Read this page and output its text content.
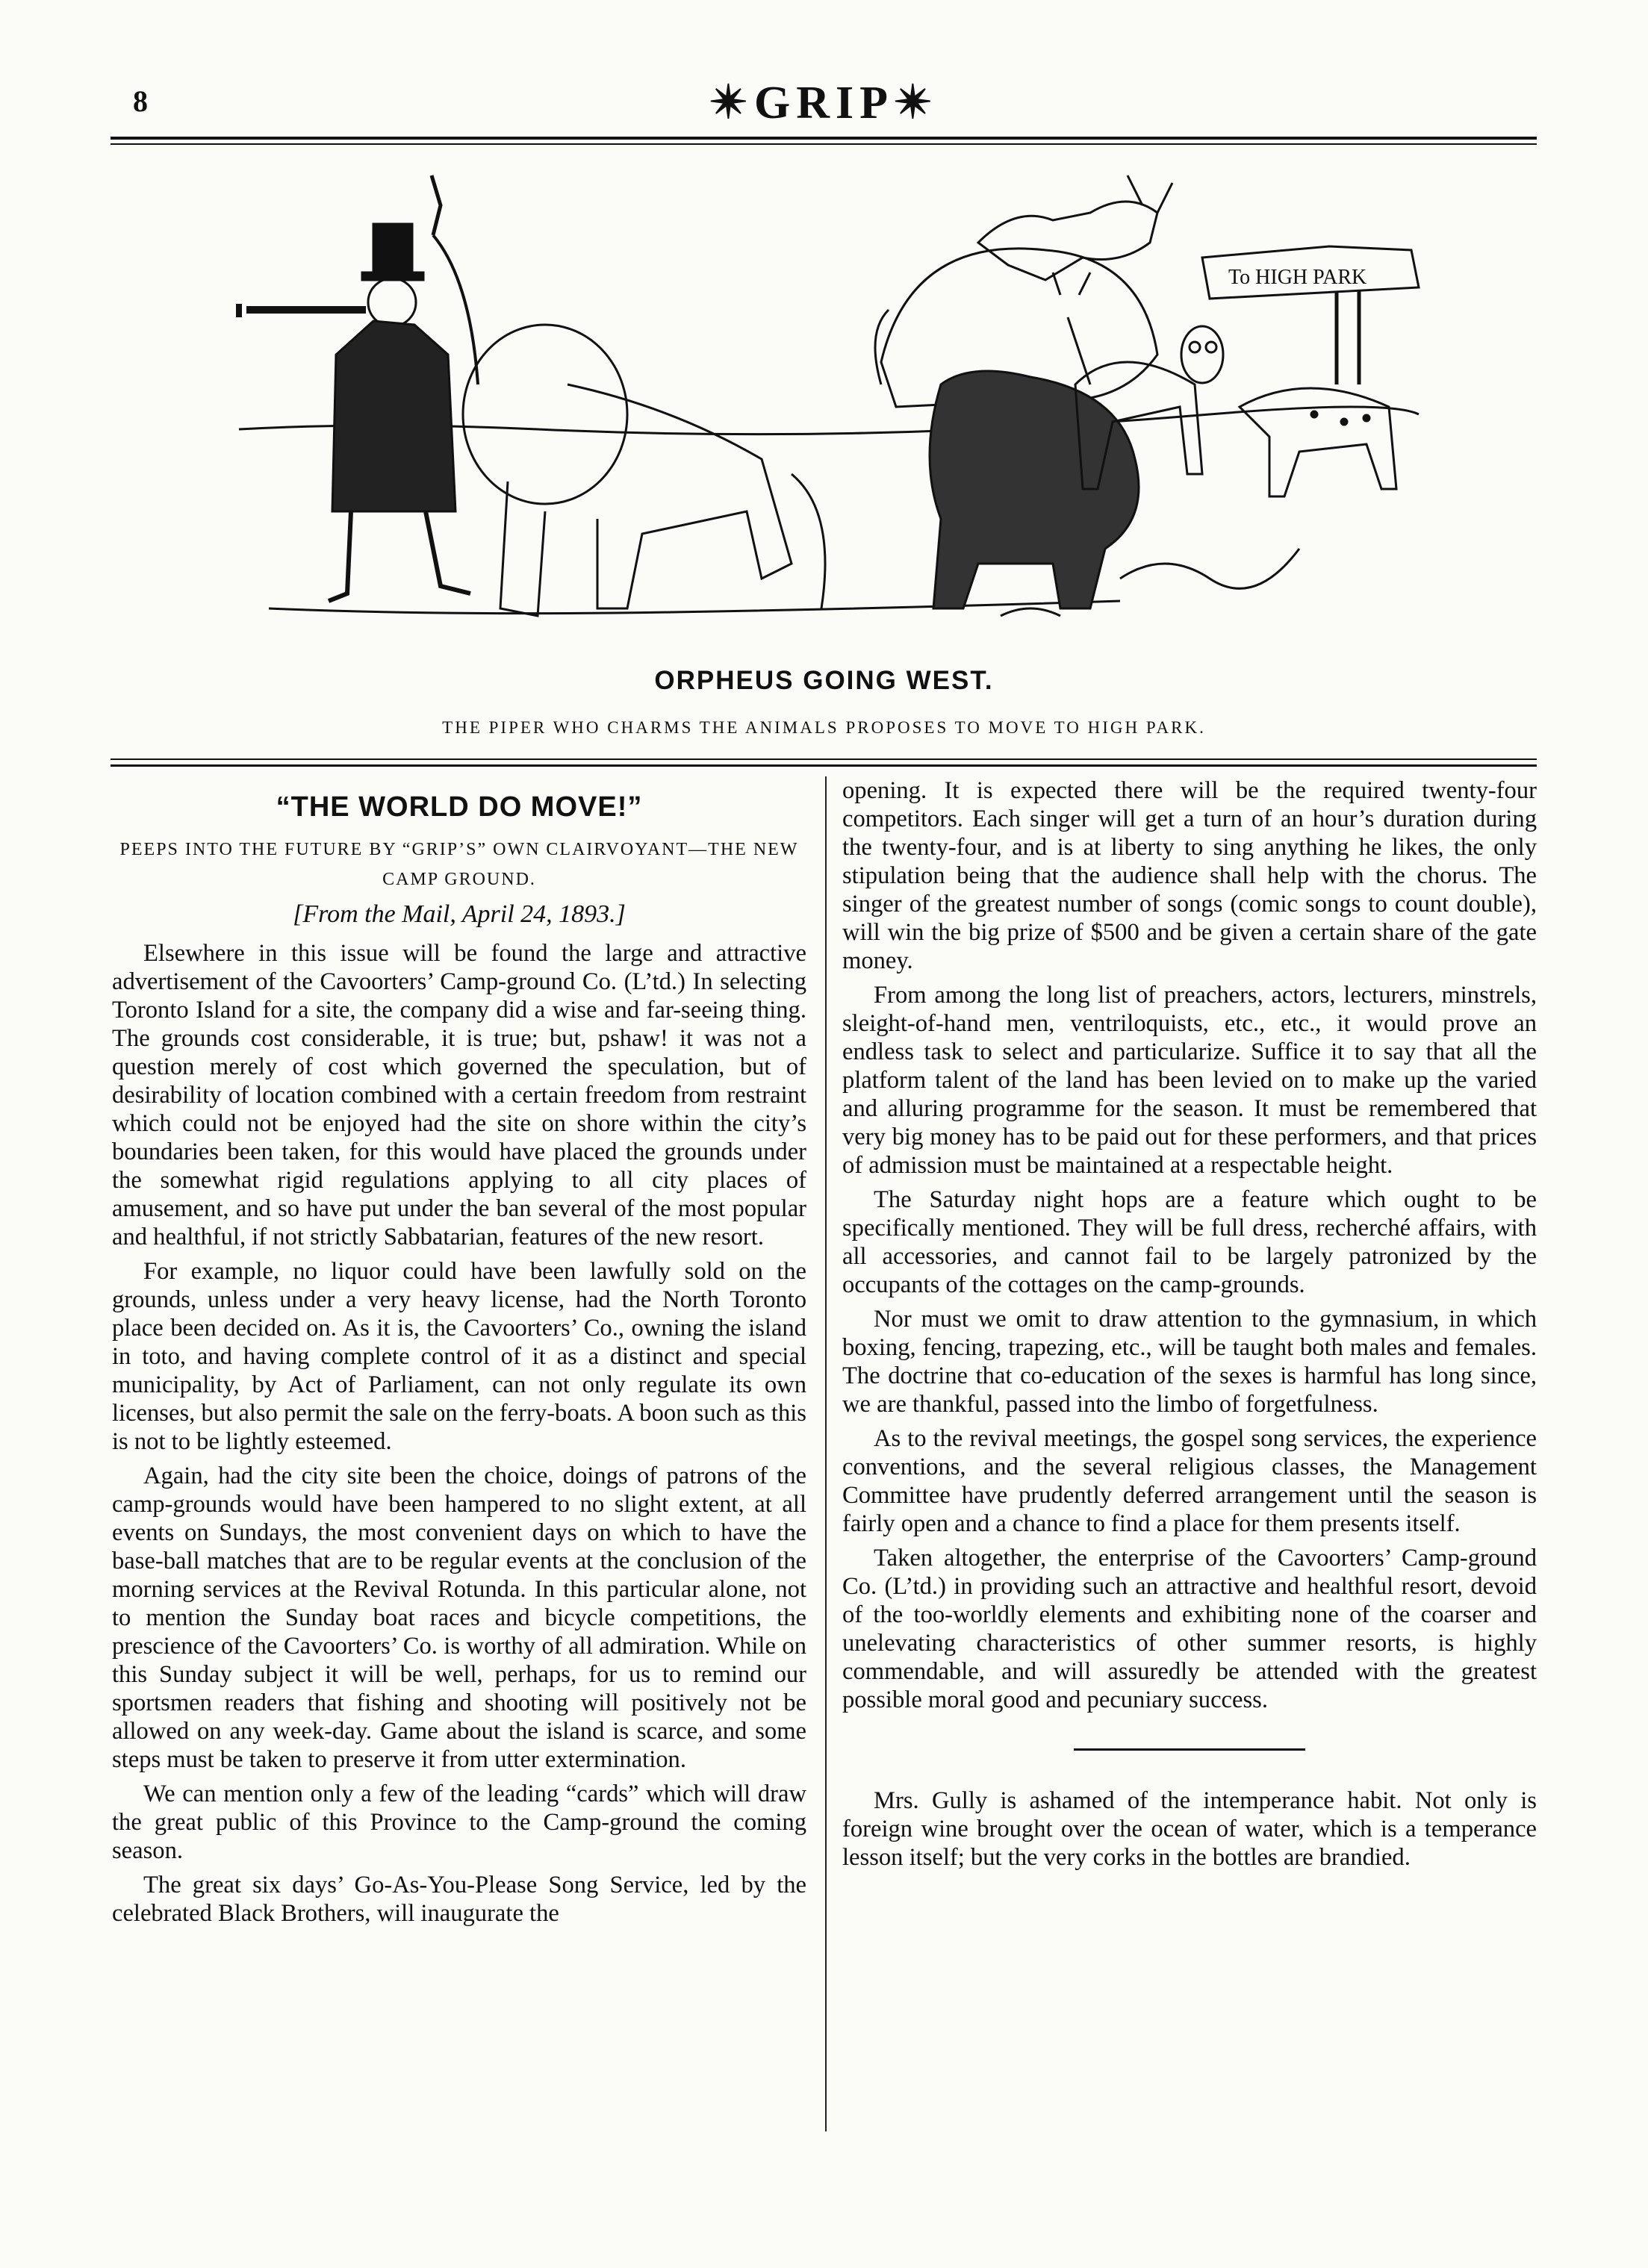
8	✴GRIP✴
To HIGH PARK
ORPHEUS GOING WEST.
THE PIPER WHO CHARMS THE ANIMALS PROPOSES TO MOVE TO HIGH PARK.
“THE WORLD DO MOVE!”
PEEPS INTO THE FUTURE BY “GRIP’S” OWN CLAIRVOYANT—THE NEW CAMP GROUND.
[From the Mail, April 24, 1893.]

Elsewhere in this issue will be found the large and attractive advertisement of the Cavoorters’ Camp-ground Co. (L’td.) In selecting Toronto Island for a site, the company did a wise and far-seeing thing. The grounds cost considerable, it is true; but, pshaw! it was not a question merely of cost which governed the speculation, but of desirability of location combined with a certain freedom from restraint which could not be enjoyed had the site on shore within the city’s boundaries been taken, for this would have placed the grounds under the somewhat rigid regulations applying to all city places of amusement, and so have put under the ban several of the most popular and healthful, if not strictly Sabbatarian, features of the new resort.

For example, no liquor could have been lawfully sold on the grounds, unless under a very heavy license, had the North Toronto place been decided on. As it is, the Cavoorters’ Co., owning the island in toto, and having complete control of it as a distinct and special municipality, by Act of Parliament, can not only regulate its own licenses, but also permit the sale on the ferry-boats. A boon such as this is not to be lightly esteemed.

Again, had the city site been the choice, doings of patrons of the camp-grounds would have been hampered to no slight extent, at all events on Sundays, the most convenient days on which to have the base-ball matches that are to be regular events at the conclusion of the morning services at the Revival Rotunda. In this particular alone, not to mention the Sunday boat races and bicycle competitions, the prescience of the Cavoorters’ Co. is worthy of all admiration. While on this Sunday subject it will be well, perhaps, for us to remind our sportsmen readers that fishing and shooting will positively not be allowed on any week-day. Game about the island is scarce, and some steps must be taken to preserve it from utter extermination.

We can mention only a few of the leading “cards” which will draw the great public of this Province to the Camp-ground the coming season.

The great six days’ Go-As-You-Please Song Service, led by the celebrated Black Brothers, will inaugurate the

opening. It is expected there will be the required twenty-four competitors. Each singer will get a turn of an hour’s duration during the twenty-four, and is at liberty to sing anything he likes, the only stipulation being that the audience shall help with the chorus. The singer of the greatest number of songs (comic songs to count double), will win the big prize of $500 and be given a certain share of the gate money.

From among the long list of preachers, actors, lecturers, minstrels, sleight-of-hand men, ventriloquists, etc., etc., it would prove an endless task to select and particularize. Suffice it to say that all the platform talent of the land has been levied on to make up the varied and alluring programme for the season. It must be remembered that very big money has to be paid out for these performers, and that prices of admission must be maintained at a respectable height.

The Saturday night hops are a feature which ought to be specifically mentioned. They will be full dress, recherché affairs, with all accessories, and cannot fail to be largely patronized by the occupants of the cottages on the camp-grounds.

Nor must we omit to draw attention to the gymnasium, in which boxing, fencing, trapezing, etc., will be taught both males and females. The doctrine that co-education of the sexes is harmful has long since, we are thankful, passed into the limbo of forgetfulness.

As to the revival meetings, the gospel song services, the experience conventions, and the several religious classes, the Management Committee have prudently deferred arrangement until the season is fairly open and a chance to find a place for them presents itself.

Taken altogether, the enterprise of the Cavoorters’ Camp-ground Co. (L’td.) in providing such an attractive and healthful resort, devoid of the too-worldly elements and exhibiting none of the coarser and unelevating characteristics of other summer resorts, is highly commendable, and will assuredly be attended with the greatest possible moral good and pecuniary success.

Mrs. Gully is ashamed of the intemperance habit. Not only is foreign wine brought over the ocean of water, which is a temperance lesson itself; but the very corks in the bottles are brandied.
